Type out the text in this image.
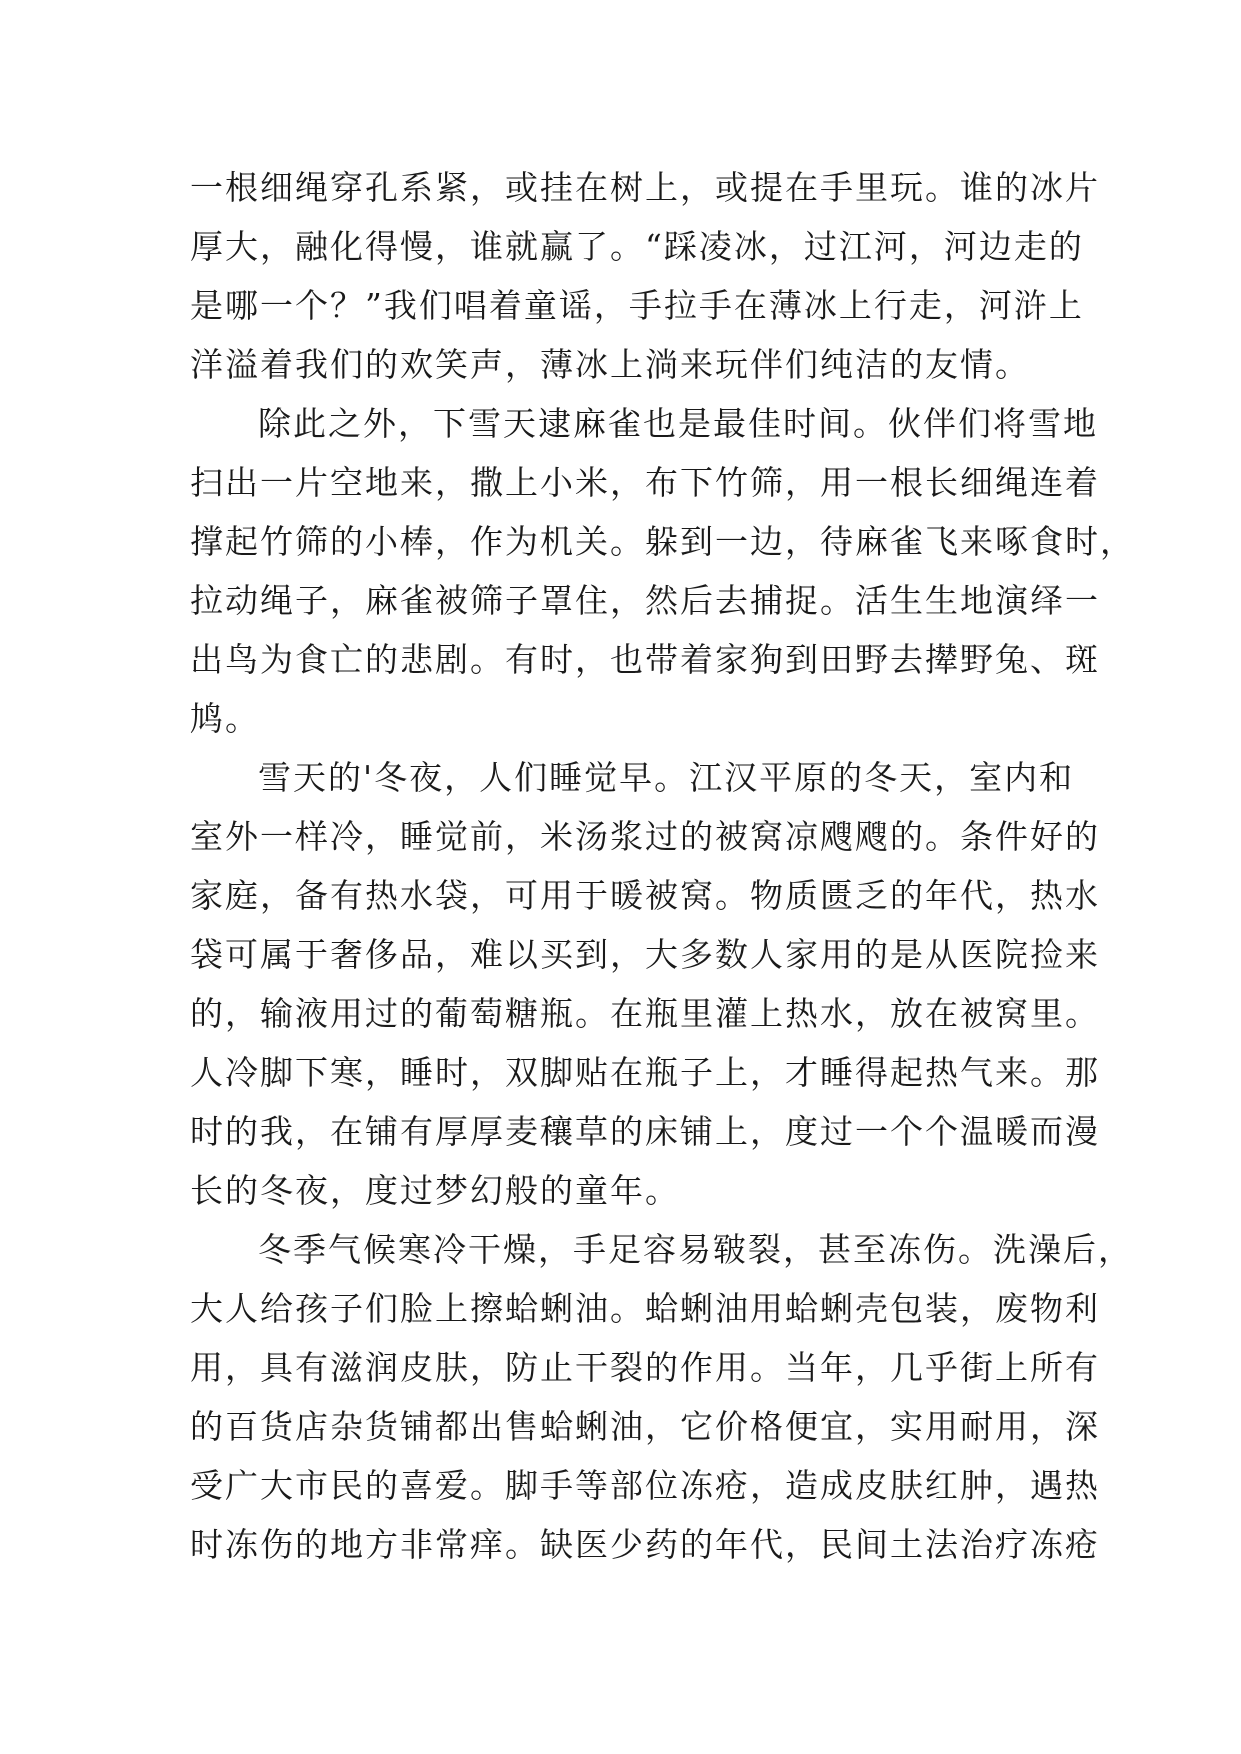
一根细绳穿孔系紧，或挂在树上，或提在手里玩。谁的冰片
厚大，融化得慢，谁就赢了。“踩凌冰，过江河，河边走的
是哪一个？”我们唱着童谣，手拉手在薄冰上行走，河浒上
洋溢着我们的欢笑声，薄冰上淌来玩伴们纯洁的友情。
除此之外，下雪天逮麻雀也是最佳时间。伙伴们将雪地
扫出一片空地来，撒上小米，布下竹筛，用一根长细绳连着
撑起竹筛的小棒，作为机关。躲到一边，待麻雀飞来啄食时，
拉动绳子，麻雀被筛子罩住，然后去捕捉。活生生地演绎一
出鸟为食亡的悲剧。有时，也带着家狗到田野去撵野兔、斑
鸠。
雪天的'冬夜，人们睡觉早。江汉平原的冬天，室内和
室外一样冷，睡觉前，米汤浆过的被窝凉飕飕的。条件好的
家庭，备有热水袋，可用于暖被窝。物质匮乏的年代，热水
袋可属于奢侈品，难以买到，大多数人家用的是从医院捡来
的，输液用过的葡萄糖瓶。在瓶里灌上热水，放在被窝里。
人冷脚下寒，睡时，双脚贴在瓶子上，才睡得起热气来。那
时的我，在铺有厚厚麦穰草的床铺上，度过一个个温暖而漫
长的冬夜，度过梦幻般的童年。
冬季气候寒冷干燥，手足容易皲裂，甚至冻伤。洗澡后，
大人给孩子们脸上擦蛤蜊油。蛤蜊油用蛤蜊壳包装，废物利
用，具有滋润皮肤，防止干裂的作用。当年，几乎街上所有
的百货店杂货铺都出售蛤蜊油，它价格便宜，实用耐用，深
受广大市民的喜爱。脚手等部位冻疮，造成皮肤红肿，遇热
时冻伤的地方非常痒。缺医少药的年代，民间土法治疗冻疮
